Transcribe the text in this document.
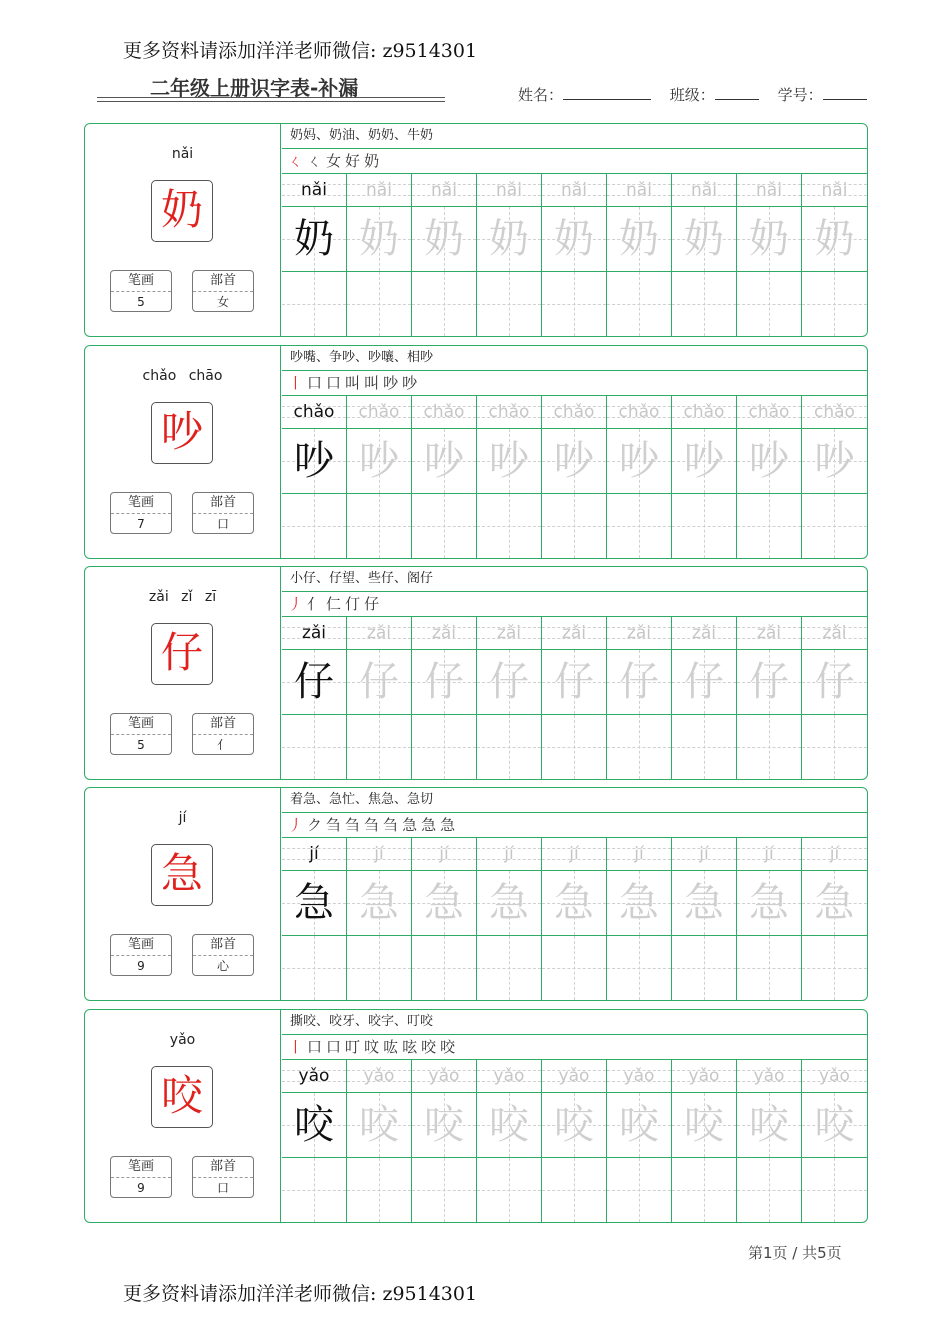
更多资料请添加洋洋老师微信: z9514301
二年级上册识字表-补漏	姓名：	班级：	学号：
nǎi
奶
笔画
5
部首
女
奶妈、奶油、奶奶、牛奶
ㄑ ㄑ 女 好 奶
nǎi	nǎi	nǎi	nǎi	nǎi	nǎi	nǎi	nǎi	nǎi
奶 奶 奶 奶 奶 奶 奶 奶 奶
chǎo chāo
吵
笔画
7
部首
口
吵嘴、争吵、吵嚷、相吵
丨 口 口 叫 叫 吵 吵
chǎo	chǎo	chǎo	chǎo	chǎo	chǎo	chǎo	chǎo	chǎo
吵 吵 吵 吵 吵 吵 吵 吵 吵
zǎi zǐ zī
仔
笔画
5
部首
亻
小仔、仔望、些仔、阁仔
丿 亻 仁 仃 仔
zǎi	zǎi	zǎi	zǎi	zǎi	zǎi	zǎi	zǎi	zǎi
仔 仔 仔 仔 仔 仔 仔 仔 仔
jí
急
笔画
9
部首
心
着急、急忙、焦急、急切
丿 ク 刍 刍 刍 刍 急 急 急
jí	jí	jí	jí	jí	jí	jí	jí	jí
急 急 急 急 急 急 急 急 急
yǎo
咬
笔画
9
部首
口
撕咬、咬牙、咬字、叮咬
丨 口 口 叮 呅 吰 呟 咬 咬
yǎo	yǎo	yǎo	yǎo	yǎo	yǎo	yǎo	yǎo	yǎo
咬 咬 咬 咬 咬 咬 咬 咬 咬
第1页 / 共5页
更多资料请添加洋洋老师微信: z9514301
